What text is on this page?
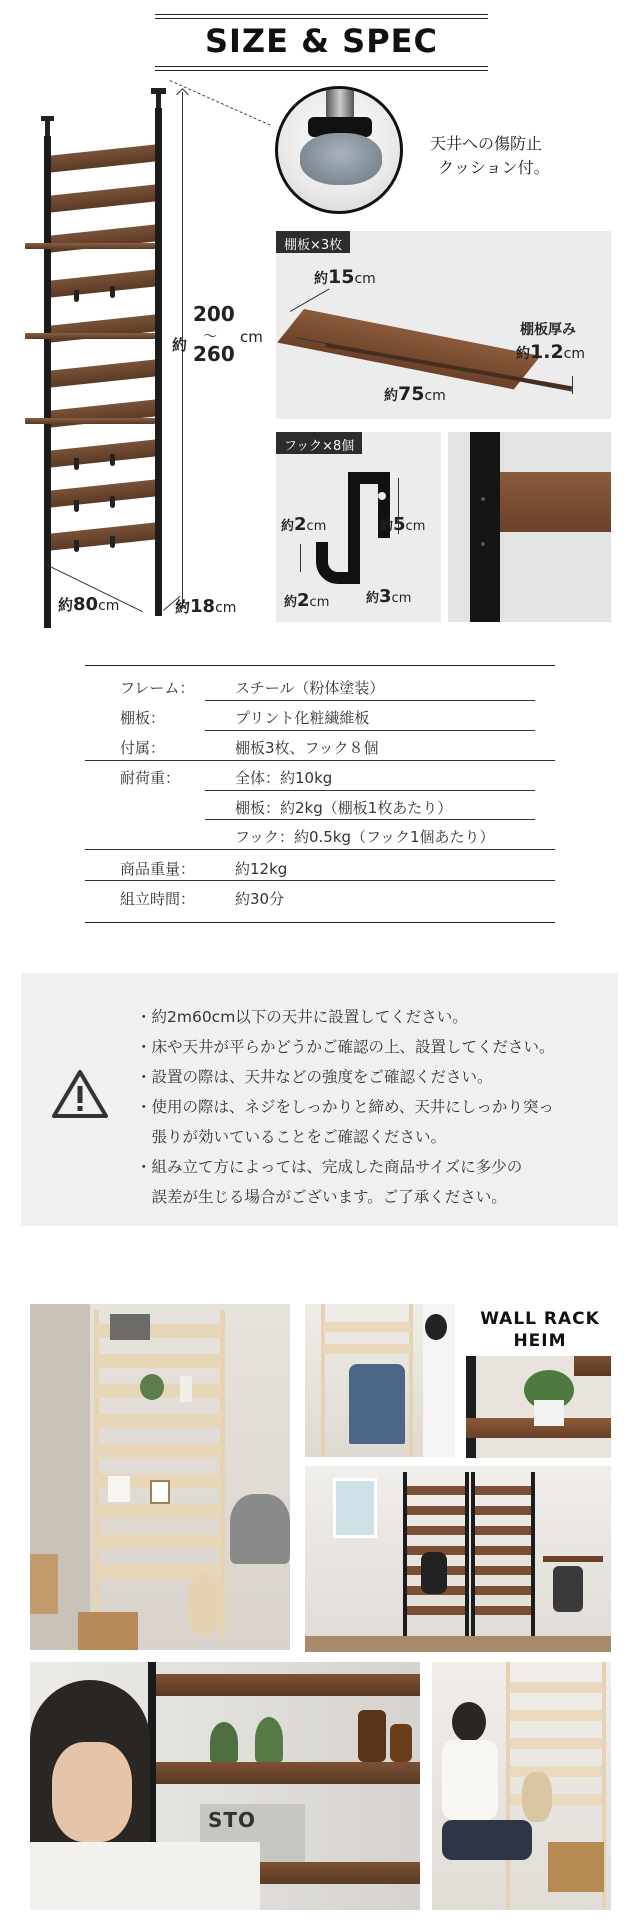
SIZE & SPEC
約
200
〜
260
cm
約80cm	約18cm
天井への傷防止
クッション付。
棚板×3枚
約15cm
棚板厚み
約1.2cm
約75cm
フック×8個
約2cm	約5cm
約2cm	約3cm
フレーム：	スチール（粉体塗装）
棚板：	プリント化粧繊維板
付属：	棚板3枚、フック８個
耐荷重：	全体：約10kg
棚板：約2kg（棚板1枚あたり）
フック：約0.5kg（フック1個あたり）
商品重量：	約12kg
組立時間：	約30分
・約2m60cm以下の天井に設置してください。
・床や天井が平らかどうかご確認の上、設置してください。
・設置の際は、天井などの強度をご確認ください。
・使用の際は、ネジをしっかりと締め、天井にしっかり突っ
　張りが効いていることをご確認ください。
・組み立て方によっては、完成した商品サイズに多少の
　誤差が生じる場合がございます。ご了承ください。
WALL RACK
HEIM
STO
